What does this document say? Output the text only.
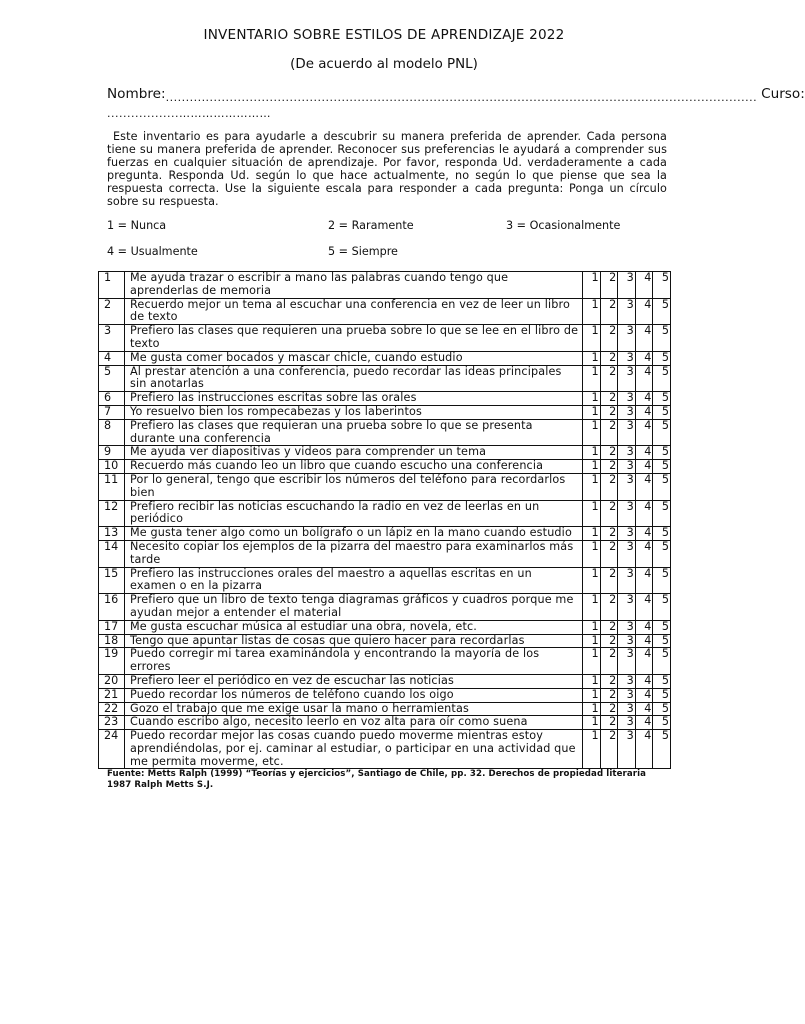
INVENTARIO SOBRE ESTILOS DE APRENDIZAJE 2022
(De acuerdo al modelo PNL)
Nombre: .................................................................................................................................................... Curso:
..................……………………
Este inventario es para ayudarle a descubrir su manera preferida de aprender. Cada persona tiene su manera preferida de aprender. Reconocer sus preferencias le ayudará a comprender sus fuerzas en cualquier situación de aprendizaje. Por favor, responda Ud. verdaderamente a cada pregunta. Responda Ud. según lo que hace actualmente, no según lo que piense que sea la respuesta correcta. Use la siguiente escala para responder a cada pregunta: Ponga un círculo sobre su respuesta.
1 = Nunca	2 = Raramente	3 = Ocasionalmente
4 = Usualmente	5 = Siempre
1	Me ayuda trazar o escribir a mano las palabras cuando tengo que aprenderlas de memoria	1	2	3	4	5
2	Recuerdo mejor un tema al escuchar una conferencia en vez de leer un libro de texto	1	2	3	4	5
3	Prefiero las clases que requieren una prueba sobre lo que se lee en el libro de texto	1	2	3	4	5
4	Me gusta comer bocados y mascar chicle, cuando estudio	1	2	3	4	5
5	Al prestar atención a una conferencia, puedo recordar las ideas principales sin anotarlas	1	2	3	4	5
6	Prefiero las instrucciones escritas sobre las orales	1	2	3	4	5
7	Yo resuelvo bien los rompecabezas y los laberintos	1	2	3	4	5
8	Prefiero las clases que requieran una prueba sobre lo que se presenta durante una conferencia	1	2	3	4	5
9	Me ayuda ver diapositivas y videos para comprender un tema	1	2	3	4	5
10	Recuerdo más cuando leo un libro que cuando escucho una conferencia	1	2	3	4	5
11	Por lo general, tengo que escribir los números del teléfono para recordarlos bien	1	2	3	4	5
12	Prefiero recibir las noticias escuchando la radio en vez de leerlas en un periódico	1	2	3	4	5
13	Me gusta tener algo como un bolígrafo o un lápiz en la mano cuando estudio	1	2	3	4	5
14	Necesito copiar los ejemplos de la pizarra del maestro para examinarlos más tarde	1	2	3	4	5
15	Prefiero las instrucciones orales del maestro a aquellas escritas en un examen o en la pizarra	1	2	3	4	5
16	Prefiero que un libro de texto tenga diagramas gráficos y cuadros porque me ayudan mejor a entender el material	1	2	3	4	5
17	Me gusta escuchar música al estudiar una obra, novela, etc.	1	2	3	4	5
18	Tengo que apuntar listas de cosas que quiero hacer para recordarlas	1	2	3	4	5
19	Puedo corregir mi tarea examinándola y encontrando la mayoría de los errores	1	2	3	4	5
20	Prefiero leer el periódico en vez de escuchar las noticias	1	2	3	4	5
21	Puedo recordar los números de teléfono cuando los oigo	1	2	3	4	5
22	Gozo el trabajo que me exige usar la mano o herramientas	1	2	3	4	5
23	Cuando escribo algo, necesito leerlo en voz alta para oír como suena	1	2	3	4	5
24	Puedo recordar mejor las cosas cuando puedo moverme mientras estoy aprendiéndolas, por ej. caminar al estudiar, o participar en una actividad que me permita moverme, etc.	1	2	3	4	5
Fuente: Metts Ralph (1999) “Teorías y ejercicios”, Santiago de Chile, pp. 32. Derechos de propiedad literaria 1987 Ralph Metts S.J.
